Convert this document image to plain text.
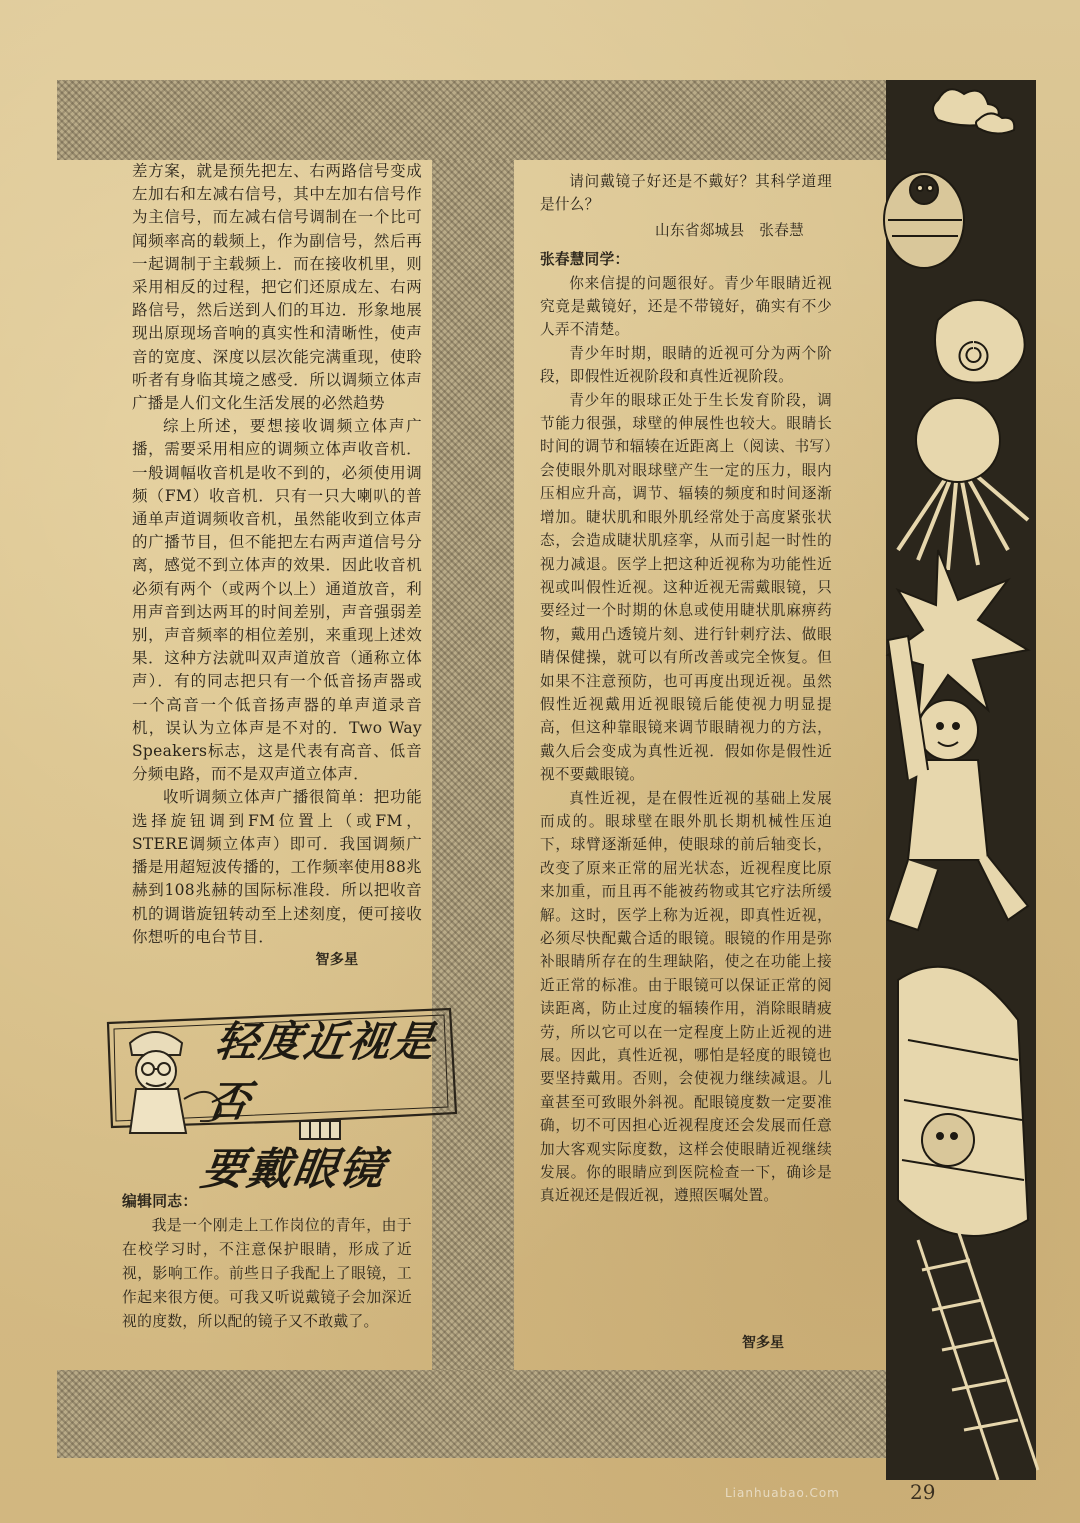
差方案，就是预先把左、右两路信号变成左加右和左减右信号，其中左加右信号作为主信号，而左减右信号调制在一个比可闻频率高的载频上，作为副信号，然后再一起调制于主载频上．而在接收机里，则采用相反的过程，把它们还原成左、右两路信号，然后送到人们的耳边．形象地展现出原现场音响的真实性和清晰性，使声音的宽度、深度以层次能完满重现，使聆听者有身临其境之感受．所以调频立体声广播是人们文化生活发展的必然趋势

综上所述，要想接收调频立体声广播，需要采用相应的调频立体声收音机．一般调幅收音机是收不到的，必须使用调频（FM）收音机．只有一只大喇叭的普通单声道调频收音机，虽然能收到立体声的广播节目，但不能把左右两声道信号分离，感觉不到立体声的效果．因此收音机必须有两个（或两个以上）通道放音，利用声音到达两耳的时间差别，声音强弱差别，声音频率的相位差别，来重现上述效果．这种方法就叫双声道放音（通称立体声）．有的同志把只有一个低音扬声器或一个高音一个低音扬声器的单声道录音机，误认为立体声是不对的．Two Way Speakers标志，这是代表有高音、低音分频电路，而不是双声道立体声．

收听调频立体声广播很简单：把功能选择旋钮调到FM位置上（或FM，STERE调频立体声）即可．我国调频广播是用超短波传播的，工作频率使用88兆赫到108兆赫的国际标准段．所以把收音机的调谐旋钮转动至上述刻度，便可接收你想听的电台节目．

智多星

轻度近视是否
要戴眼镜

编辑同志：

我是一个刚走上工作岗位的青年，由于在校学习时，不注意保护眼睛，形成了近视，影响工作。前些日子我配上了眼镜，工作起来很方便。可我又听说戴镜子会加深近视的度数，所以配的镜子又不敢戴了。

请问戴镜子好还是不戴好？其科学道理是什么？

山东省郯城县　张春慧

张春慧同学：

你来信提的问题很好。青少年眼睛近视究竟是戴镜好，还是不带镜好，确实有不少人弄不清楚。

青少年时期，眼睛的近视可分为两个阶段，即假性近视阶段和真性近视阶段。

青少年的眼球正处于生长发育阶段，调节能力很强，球壁的伸展性也较大。眼睛长时间的调节和辐辏在近距离上（阅读、书写）会使眼外肌对眼球壁产生一定的压力，眼内压相应升高，调节、辐辏的频度和时间逐渐增加。睫状肌和眼外肌经常处于高度紧张状态，会造成睫状肌痉挛，从而引起一时性的视力减退。医学上把这种近视称为功能性近视或叫假性近视。这种近视无需戴眼镜，只要经过一个时期的休息或使用睫状肌麻痹药物，戴用凸透镜片刻、进行针刺疗法、做眼睛保健操，就可以有所改善或完全恢复。但如果不注意预防，也可再度出现近视。虽然假性近视戴用近视眼镜后能使视力明显提高，但这种靠眼镜来调节眼睛视力的方法，戴久后会变成为真性近视．假如你是假性近视不要戴眼镜。

真性近视，是在假性近视的基础上发展而成的。眼球壁在眼外肌长期机械性压迫下，球臂逐渐延伸，使眼球的前后轴变长，改变了原来正常的屈光状态，近视程度比原来加重，而且再不能被药物或其它疗法所缓解。这时，医学上称为近视，即真性近视，必须尽快配戴合适的眼镜。眼镜的作用是弥补眼睛所存在的生理缺陷，使之在功能上接近正常的标准。由于眼镜可以保证正常的阅读距离，防止过度的辐辏作用，消除眼睛疲劳，所以它可以在一定程度上防止近视的进展。因此，真性近视，哪怕是轻度的眼镜也要坚持戴用。否则，会使视力继续减退。儿童甚至可致眼外斜视。配眼镜度数一定要准确，切不可因担心近视程度还会发展而任意加大客观实际度数，这样会使眼睛近视继续发展。你的眼睛应到医院检查一下，确诊是真近视还是假近视，遵照医嘱处置。

智多星
Lianhuabao.Com	29
